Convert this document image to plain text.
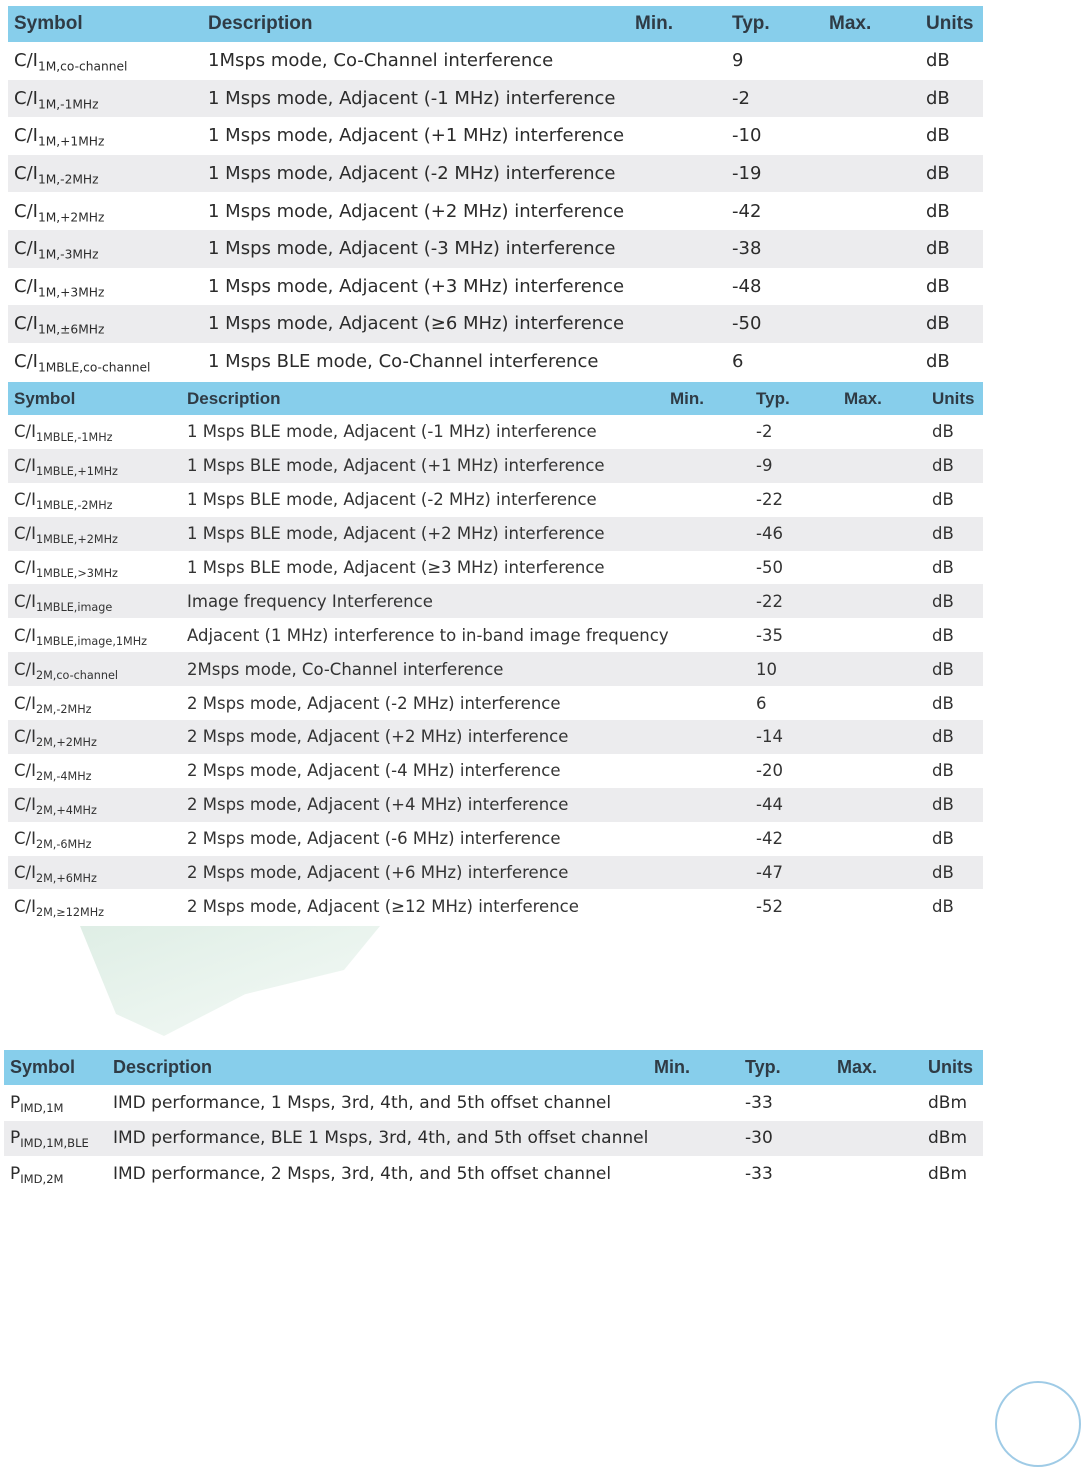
Symbol	Description	Min.	Typ.	Max.	Units
$C/I_{1M,co-channel}$	1Msps mode, Co-Channel interference		9		dB
$C/I_{1M,-1MHz}$	1 Msps mode, Adjacent (-1 MHz) interference		-2		dB
$C/I_{1M,+1MHz}$	1 Msps mode, Adjacent (+1 MHz) interference		-10		dB
$C/I_{1M,-2MHz}$	1 Msps mode, Adjacent (-2 MHz) interference		-19		dB
$C/I_{1M,+2MHz}$	1 Msps mode, Adjacent (+2 MHz) interference		-42		dB
$C/I_{1M,-3MHz}$	1 Msps mode, Adjacent (-3 MHz) interference		-38		dB
$C/I_{1M,+3MHz}$	1 Msps mode, Adjacent (+3 MHz) interference		-48		dB
$C/I_{1M,\pm 6MHz}$	1 Msps mode, Adjacent (≥6 MHz) interference		-50		dB
$C/I_{1MBLE,co-channel}$	1 Msps BLE mode, Co-Channel interference		6		dB
Symbol	Description	Min.	Typ.	Max.	Units
$C/I_{1MBLE,-1MHz}$	1 Msps BLE mode, Adjacent (-1 MHz) interference		-2		dB
$C/I_{1MBLE,+1MHz}$	1 Msps BLE mode, Adjacent (+1 MHz) interference		-9		dB
$C/I_{1MBLE,-2MHz}$	1 Msps BLE mode, Adjacent (-2 MHz) interference		-22		dB
$C/I_{1MBLE,+2MHz}$	1 Msps BLE mode, Adjacent (+2 MHz) interference		-46		dB
$C/I_{1MBLE,>3MHz}$	1 Msps BLE mode, Adjacent (≥3 MHz) interference		-50		dB
$C/I_{1MBLE,image}$	Image frequency Interference		-22		dB
$C/I_{1MBLE,image,1MHz}$	Adjacent (1 MHz) interference to in-band image frequency		-35		dB
$C/I_{2M,co-channel}$	2Msps mode, Co-Channel interference		10		dB
$C/I_{2M,-2MHz}$	2 Msps mode, Adjacent (-2 MHz) interference		6		dB
$C/I_{2M,+2MHz}$	2 Msps mode, Adjacent (+2 MHz) interference		-14		dB
$C/I_{2M,-4MHz}$	2 Msps mode, Adjacent (-4 MHz) interference		-20		dB
$C/I_{2M,+4MHz}$	2 Msps mode, Adjacent (+4 MHz) interference		-44		dB
$C/I_{2M,-6MHz}$	2 Msps mode, Adjacent (-6 MHz) interference		-42		dB
$C/I_{2M,+6MHz}$	2 Msps mode, Adjacent (+6 MHz) interference		-47		dB
$C/I_{2M,\ge 12MHz}$	2 Msps mode, Adjacent (≥12 MHz) interference		-52		dB
Symbol	Description	Min.	Typ.	Max.	Units
$P_{IMD,1M}$	IMD performance, 1 Msps, 3rd, 4th, and 5th offset channel		-33		dBm
$P_{IMD,1M,BLE}$	IMD performance, BLE 1 Msps, 3rd, 4th, and 5th offset channel		-30		dBm
$P_{IMD,2M}$	IMD performance, 2 Msps, 3rd, 4th, and 5th offset channel		-33		dBm
